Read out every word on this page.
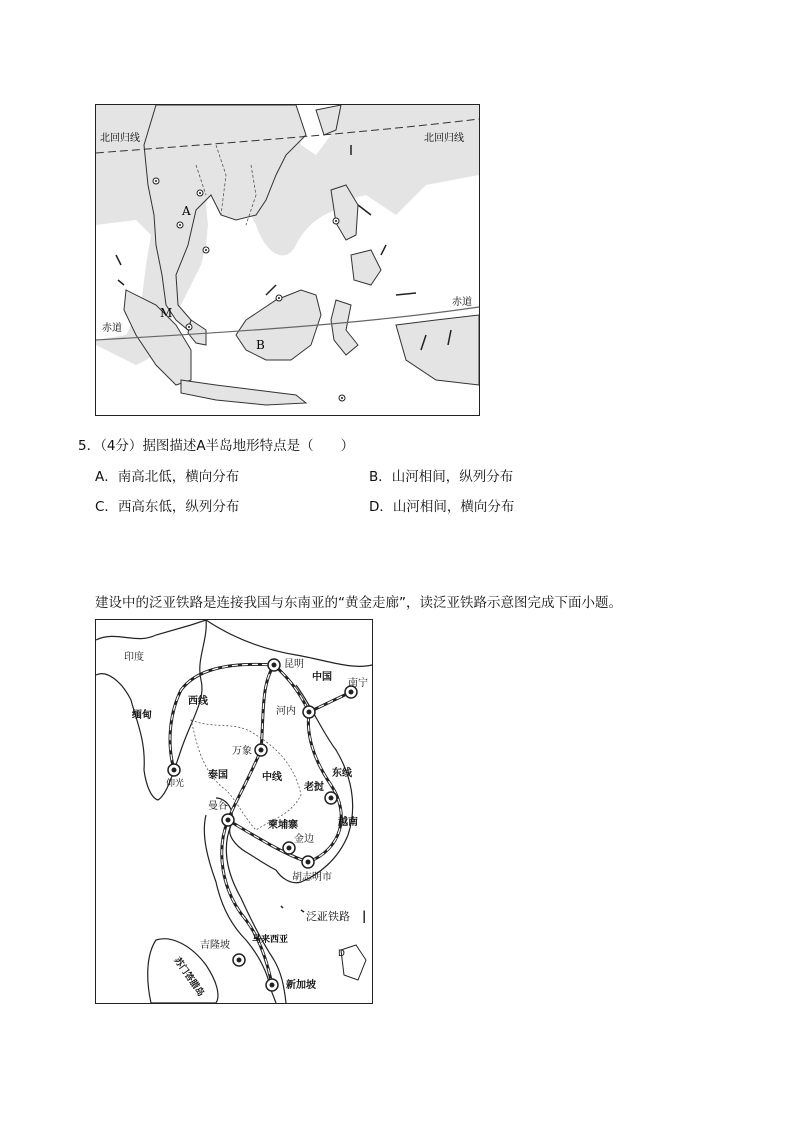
北回归线	北回归线
赤道
赤道
A
B
M
5．（4分）据图描述A半岛地形特点是（　　）
A．南高北低，横向分布	B．山河相间，纵列分布
C．西高东低，纵列分布	D．山河相间，横向分布
建设中的泛亚铁路是连接我国与东南亚的“黄金走廊”，读泛亚铁路示意图完成下面小题。
印度
缅甸
西线
昆明
中国
南宁
河内
万象
泰国	中线	东线
仰光	老挝
曼谷
柬埔寨
金边
越南
胡志明市
泛亚铁路 |
吉隆坡 马来西亚
苏门答腊岛	新加坡
D
